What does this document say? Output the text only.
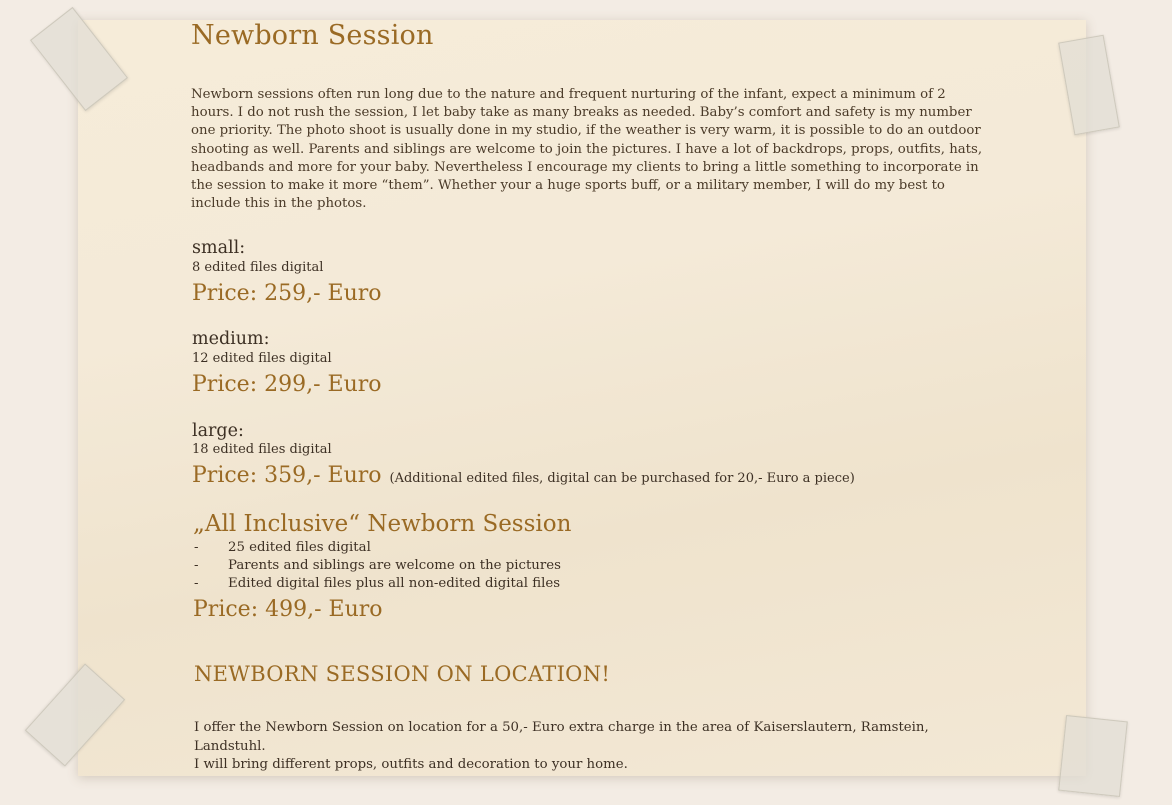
Newborn Session

Newborn sessions often run long due to the nature and frequent nurturing of the infant, expect a minimum of 2 hours. I do not rush the session, I let baby take as many breaks as needed. Baby’s comfort and safety is my number one priority. The photo shoot is usually done in my studio, if the weather is very warm, it is possible to do an outdoor shooting as well. Parents and siblings are welcome to join the pictures. I have a lot of backdrops, props, outfits, hats, headbands and more for your baby. Nevertheless I encourage my clients to bring a little something to incorporate in the session to make it more “them”. Whether your a huge sports buff, or a military member, I will do my best to include this in the photos.

small:
8 edited files digital
Price: 259,- Euro
medium:
12 edited files digital
Price: 299,- Euro
large:
18 edited files digital
Price: 359,- Euro (Additional edited files, digital can be purchased for 20,- Euro a piece)
„All Inclusive“ Newborn Session
- 25 edited files digital
- Parents and siblings are welcome on the pictures
- Edited digital files plus all non-edited digital files
Price: 499,- Euro
NEWBORN SESSION ON LOCATION!

I offer the Newborn Session on location for a 50,- Euro extra charge in the area of Kaiserslautern, Ramstein, Landstuhl.
I will bring different props, outfits and decoration to your home.
